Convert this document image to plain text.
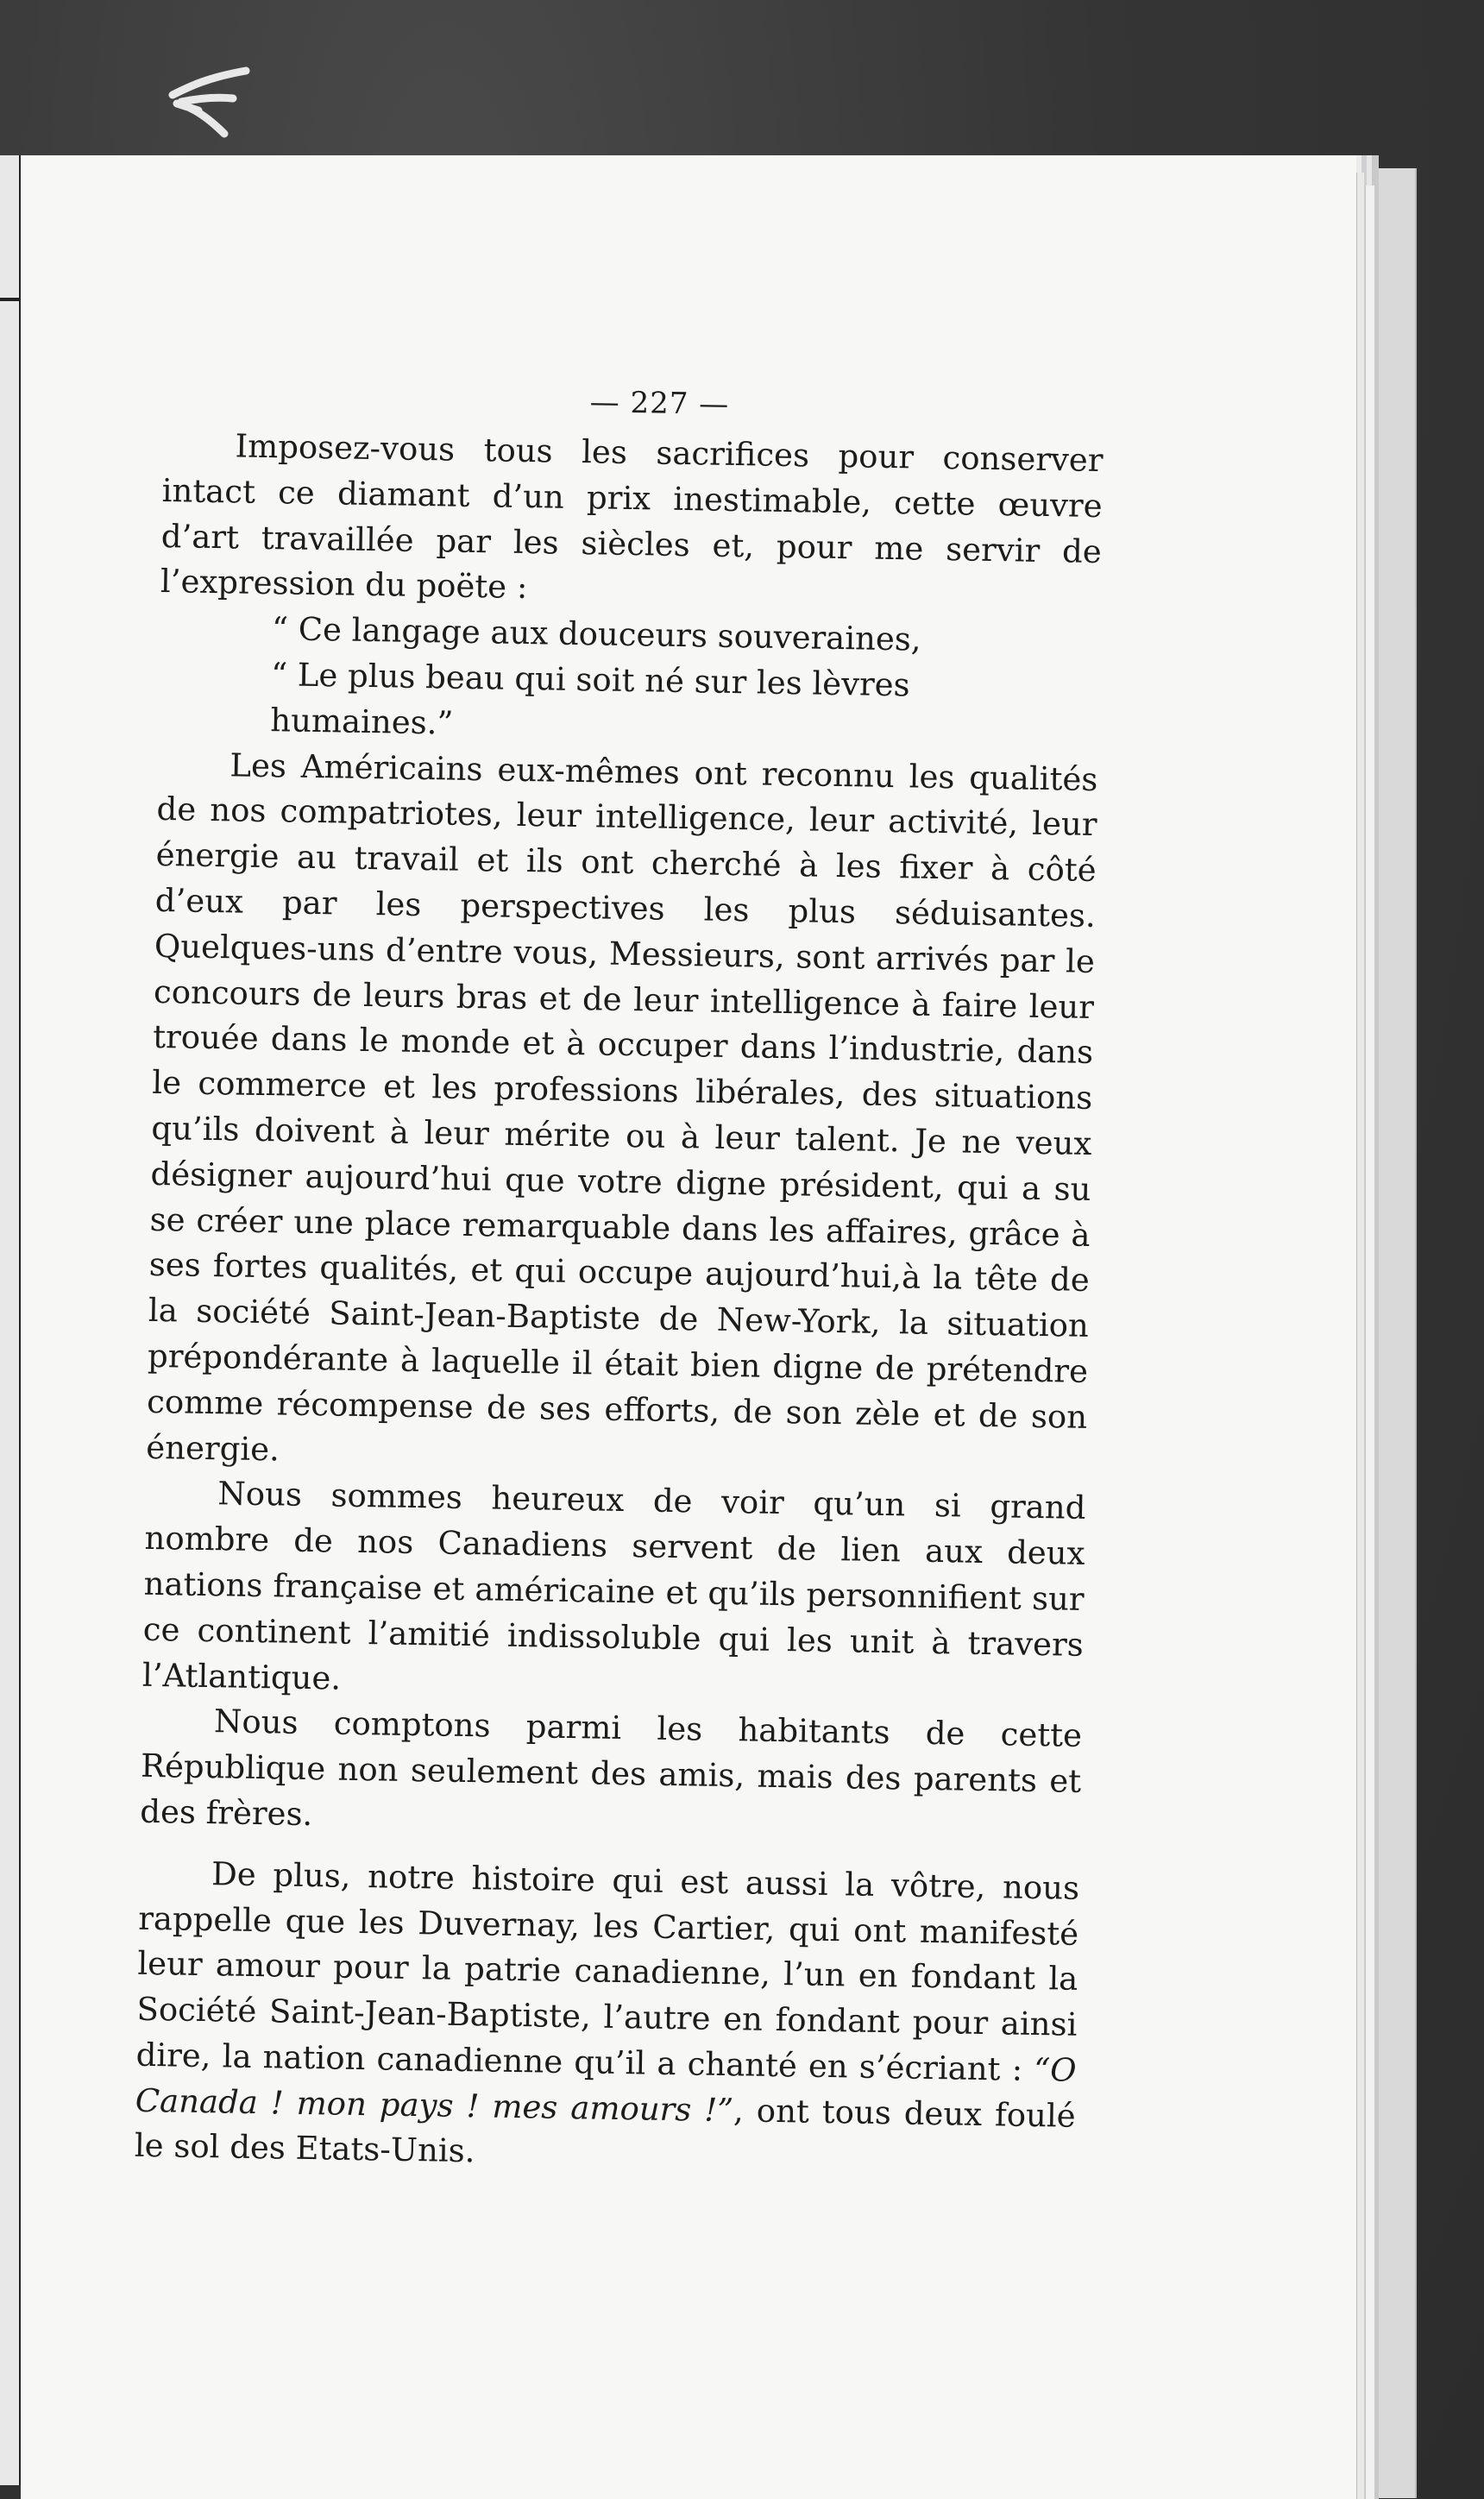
— 227 —

Imposez-vous tous les sacrifices pour conserver intact ce diamant d’un prix inestimable, cette œuvre d’art travaillée par les siècles et, pour me servir de l’expression du poëte :

“ Ce langage aux douceurs souveraines,

“ Le plus beau qui soit né sur les lèvres humaines.”

Les Américains eux-mêmes ont reconnu les qualités de nos compatriotes, leur intelligence, leur activité, leur énergie au travail et ils ont cherché à les fixer à côté d’eux par les perspectives les plus séduisantes. Quelques-uns d’entre vous, Messieurs, sont arrivés par le concours de leurs bras et de leur intelligence à faire leur trouée dans le monde et à occuper dans l’industrie, dans le commerce et les professions libérales, des situations qu’ils doivent à leur mérite ou à leur talent. Je ne veux désigner aujourd’hui que votre digne président, qui a su se créer une place remarquable dans les affaires, grâce à ses fortes qualités, et qui occupe aujourd’hui,à la tête de la société Saint-Jean-Baptiste de New-York, la situation prépondérante à laquelle il était bien digne de prétendre comme récompense de ses efforts, de son zèle et de son énergie.

Nous sommes heureux de voir qu’un si grand nombre de nos Canadiens servent de lien aux deux nations française et américaine et qu’ils personnifient sur ce continent l’amitié indissoluble qui les unit à travers l’Atlantique.

Nous comptons parmi les habitants de cette République non seulement des amis, mais des parents et des frères.

De plus, notre histoire qui est aussi la vôtre, nous rappelle que les Duvernay, les Cartier, qui ont manifesté leur amour pour la patrie canadienne, l’un en fondant la Société Saint-Jean-Baptiste, l’autre en fondant pour ainsi dire, la nation canadienne qu’il a chanté en s’écriant : “O Canada ! mon pays ! mes amours !”, ont tous deux foulé le sol des Etats-Unis.
